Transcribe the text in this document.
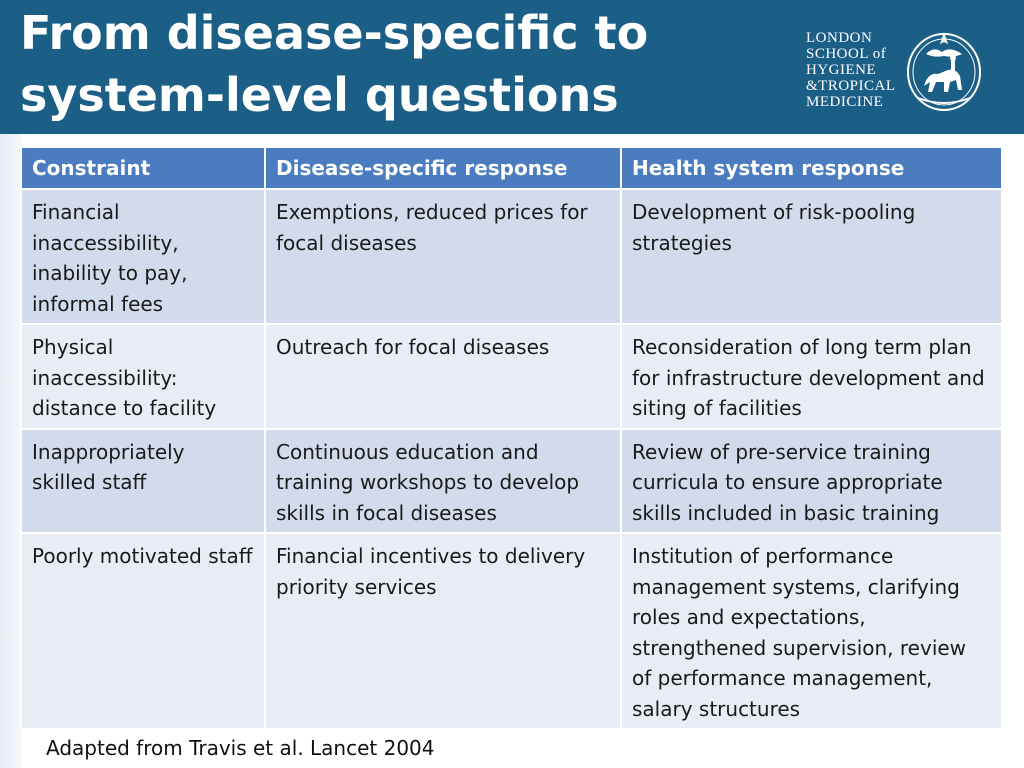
From disease-specific to
system-level questions
LONDON
SCHOOL of
HYGIENE
&TROPICAL
MEDICINE
Constraint	Disease-specific response	Health system response
Financial inaccessibility, inability to pay, informal fees	Exemptions, reduced prices for focal diseases	Development of risk-pooling strategies
Physical inaccessibility: distance to facility	Outreach for focal diseases	Reconsideration of long term plan for infrastructure development and siting of facilities
Inappropriately skilled staff	Continuous education and training workshops to develop skills in focal diseases	Review of pre-service training curricula to ensure appropriate skills included in basic training
Poorly motivated staff	Financial incentives to delivery priority services	Institution of performance management systems, clarifying roles and expectations, strengthened supervision, review of performance management, salary structures
Adapted from Travis et al. Lancet 2004
